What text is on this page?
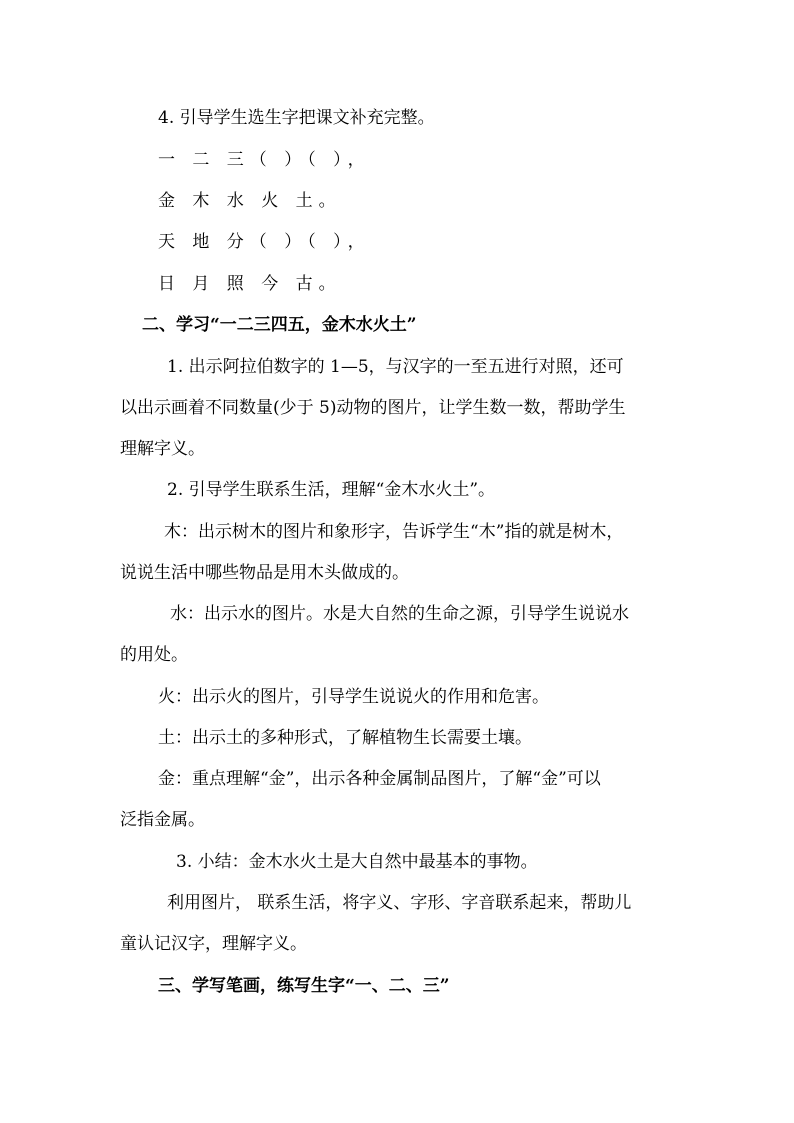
4. 引导学生选生字把课文补充完整。
一 二 三（ ）（ ），
金 木 水 火 土。
天 地 分（ ）（ ），
日 月 照 今 古。
二、学习“一二三四五，金木水火土”
1. 出示阿拉伯数字的 1—5，与汉字的一至五进行对照，还可
以出示画着不同数量(少于 5)动物的图片，让学生数一数，帮助学生
理解字义。
2. 引导学生联系生活，理解“金木水火土”。
木：出示树木的图片和象形字，告诉学生“木”指的就是树木，
说说生活中哪些物品是用木头做成的。
水：出示水的图片。水是大自然的生命之源，引导学生说说水
的用处。
火：出示火的图片，引导学生说说火的作用和危害。
土：出示土的多种形式，了解植物生长需要土壤。
金：重点理解“金”，出示各种金属制品图片，了解“金”可以
泛指金属。
3. 小结：金木水火土是大自然中最基本的事物。
利用图片， 联系生活，将字义、字形、字音联系起来，帮助儿
童认记汉字，理解字义。
三、学写笔画，练写生字“一、二、三”
